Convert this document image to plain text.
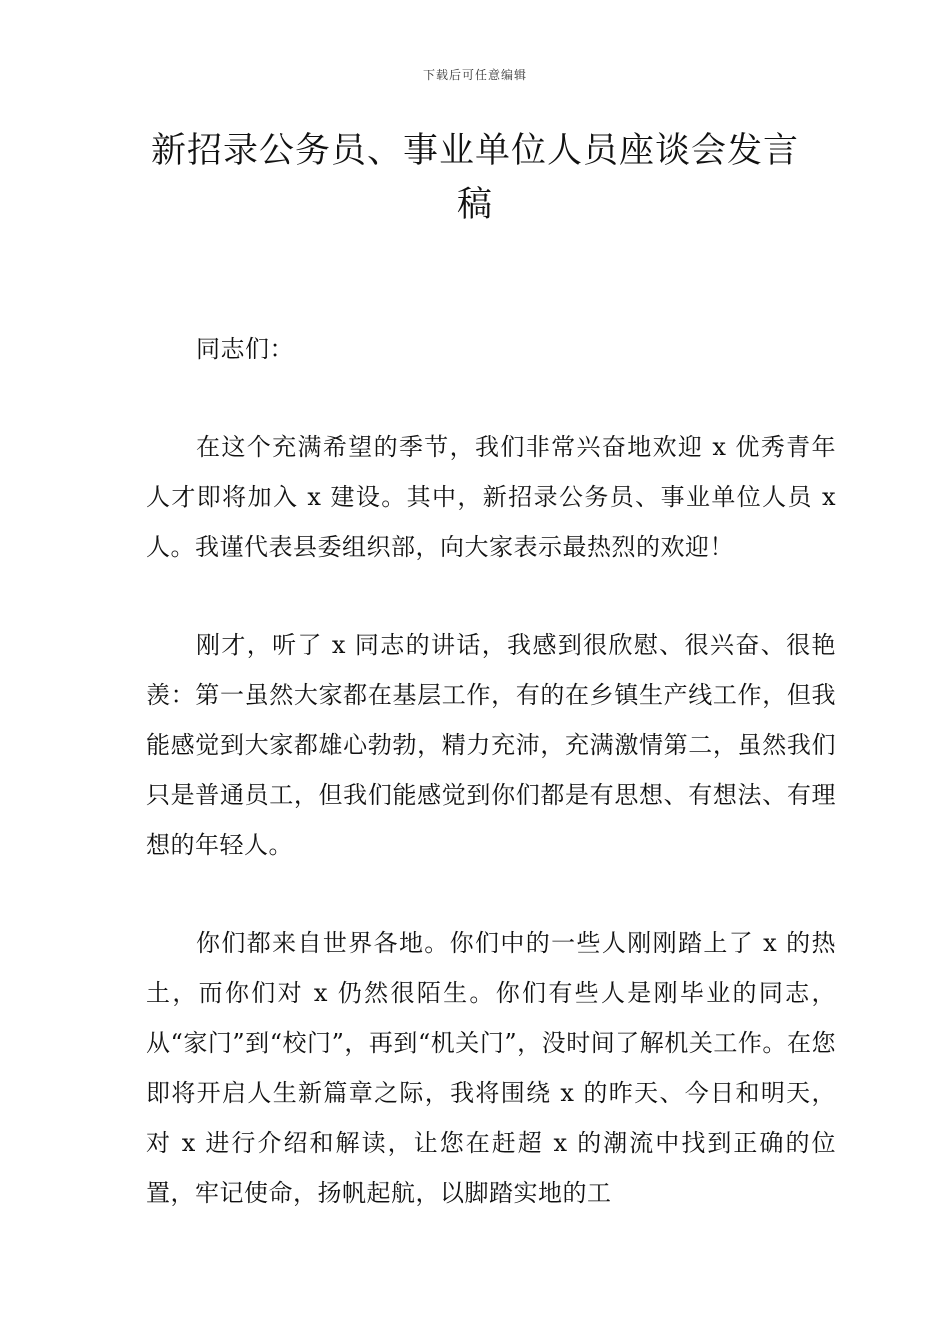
下载后可任意编辑
新招录公务员、事业单位人员座谈会发言稿

同志们：

在这个充满希望的季节，我们非常兴奋地欢迎 x 优秀青年人才即将加入 x 建设。其中，新招录公务员、事业单位人员 x 人。我谨代表县委组织部，向大家表示最热烈的欢迎！

刚才，听了 x 同志的讲话，我感到很欣慰、很兴奋、很艳羡：第一虽然大家都在基层工作，有的在乡镇生产线工作，但我能感觉到大家都雄心勃勃，精力充沛，充满激情第二，虽然我们只是普通员工，但我们能感觉到你们都是有思想、有想法、有理想的年轻人。

你们都来自世界各地。你们中的一些人刚刚踏上了 x 的热土，而你们对 x 仍然很陌生。你们有些人是刚毕业的同志，从“家门”到“校门”，再到“机关门”，没时间了解机关工作。在您即将开启人生新篇章之际，我将围绕 x 的昨天、今日和明天，对 x 进行介绍和解读，让您在赶超 x 的潮流中找到正确的位置，牢记使命，扬帆起航，以脚踏实地的工
